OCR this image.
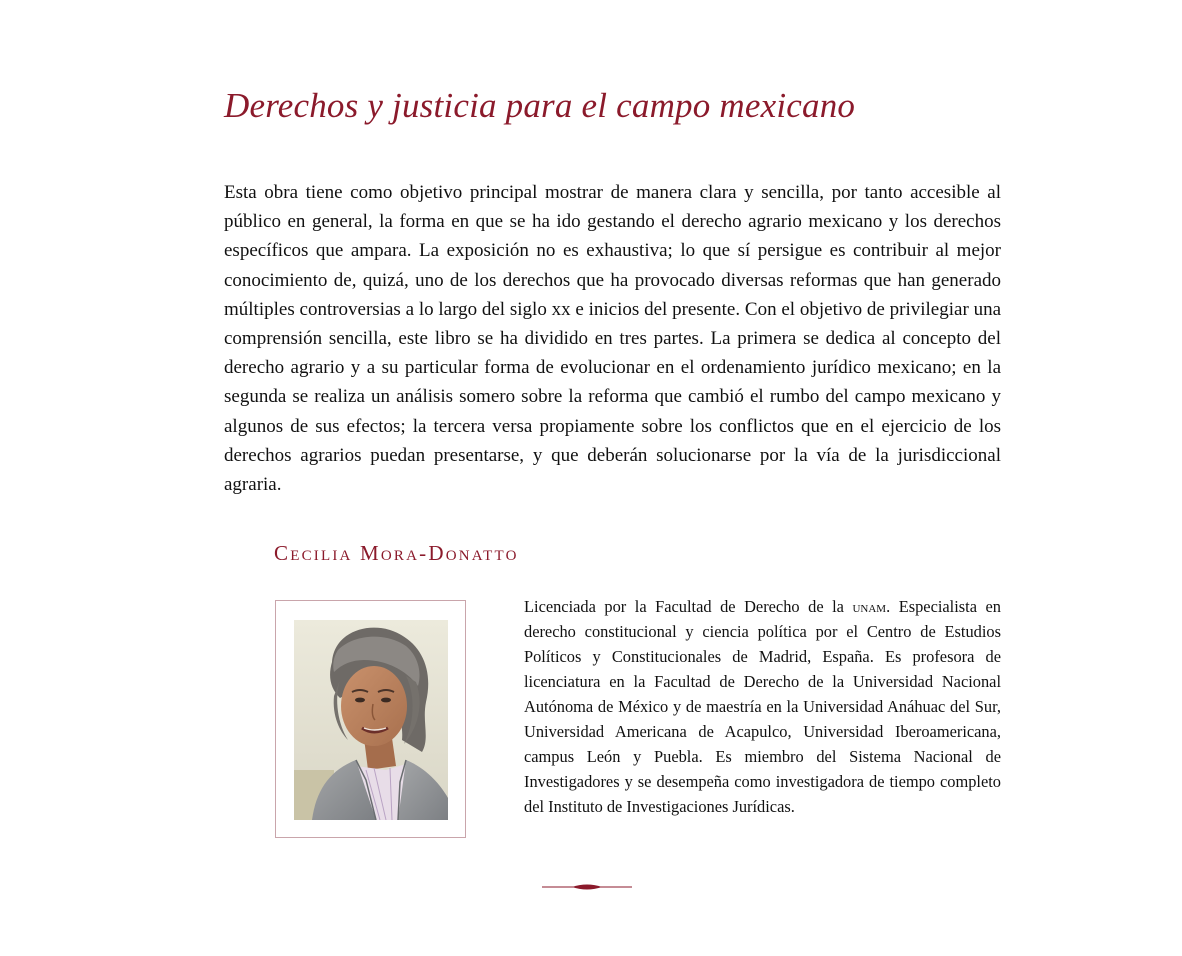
Derechos y justicia para el campo mexicano

Esta obra tiene como objetivo principal mostrar de manera clara y sencilla, por tanto accesible al público en general, la forma en que se ha ido gestando el derecho agrario mexicano y los derechos específicos que ampara. La exposición no es exhaustiva; lo que sí persigue es contribuir al mejor conocimiento de, quizá, uno de los derechos que ha provocado diversas reformas que han generado múltiples controversias a lo largo del siglo xx e inicios del presente. Con el objetivo de privilegiar una comprensión sencilla, este libro se ha dividido en tres partes. La primera se dedica al concepto del derecho agrario y a su particular forma de evolucionar en el ordenamiento jurídico mexicano; en la segunda se realiza un análisis somero sobre la reforma que cambió el rumbo del campo mexicano y algunos de sus efectos; la tercera versa propiamente sobre los conflictos que en el ejercicio de los derechos agrarios puedan presentarse, y que deberán solucionarse por la vía de la jurisdiccional agraria.

Cecilia Mora-Donatto

Licenciada por la Facultad de Derecho de la unam. Especialista en derecho constitucional y ciencia política por el Centro de Estudios Políticos y Constitucionales de Madrid, España. Es profesora de licenciatura en la Facultad de Derecho de la Universidad Nacional Autónoma de México y de maestría en la Universidad Anáhuac del Sur, Universidad Americana de Acapulco, Universidad Iberoamericana, campus León y Puebla. Es miembro del Sistema Nacional de Investigadores y se desempeña como investigadora de tiempo completo del Instituto de Investigaciones Jurídicas.
